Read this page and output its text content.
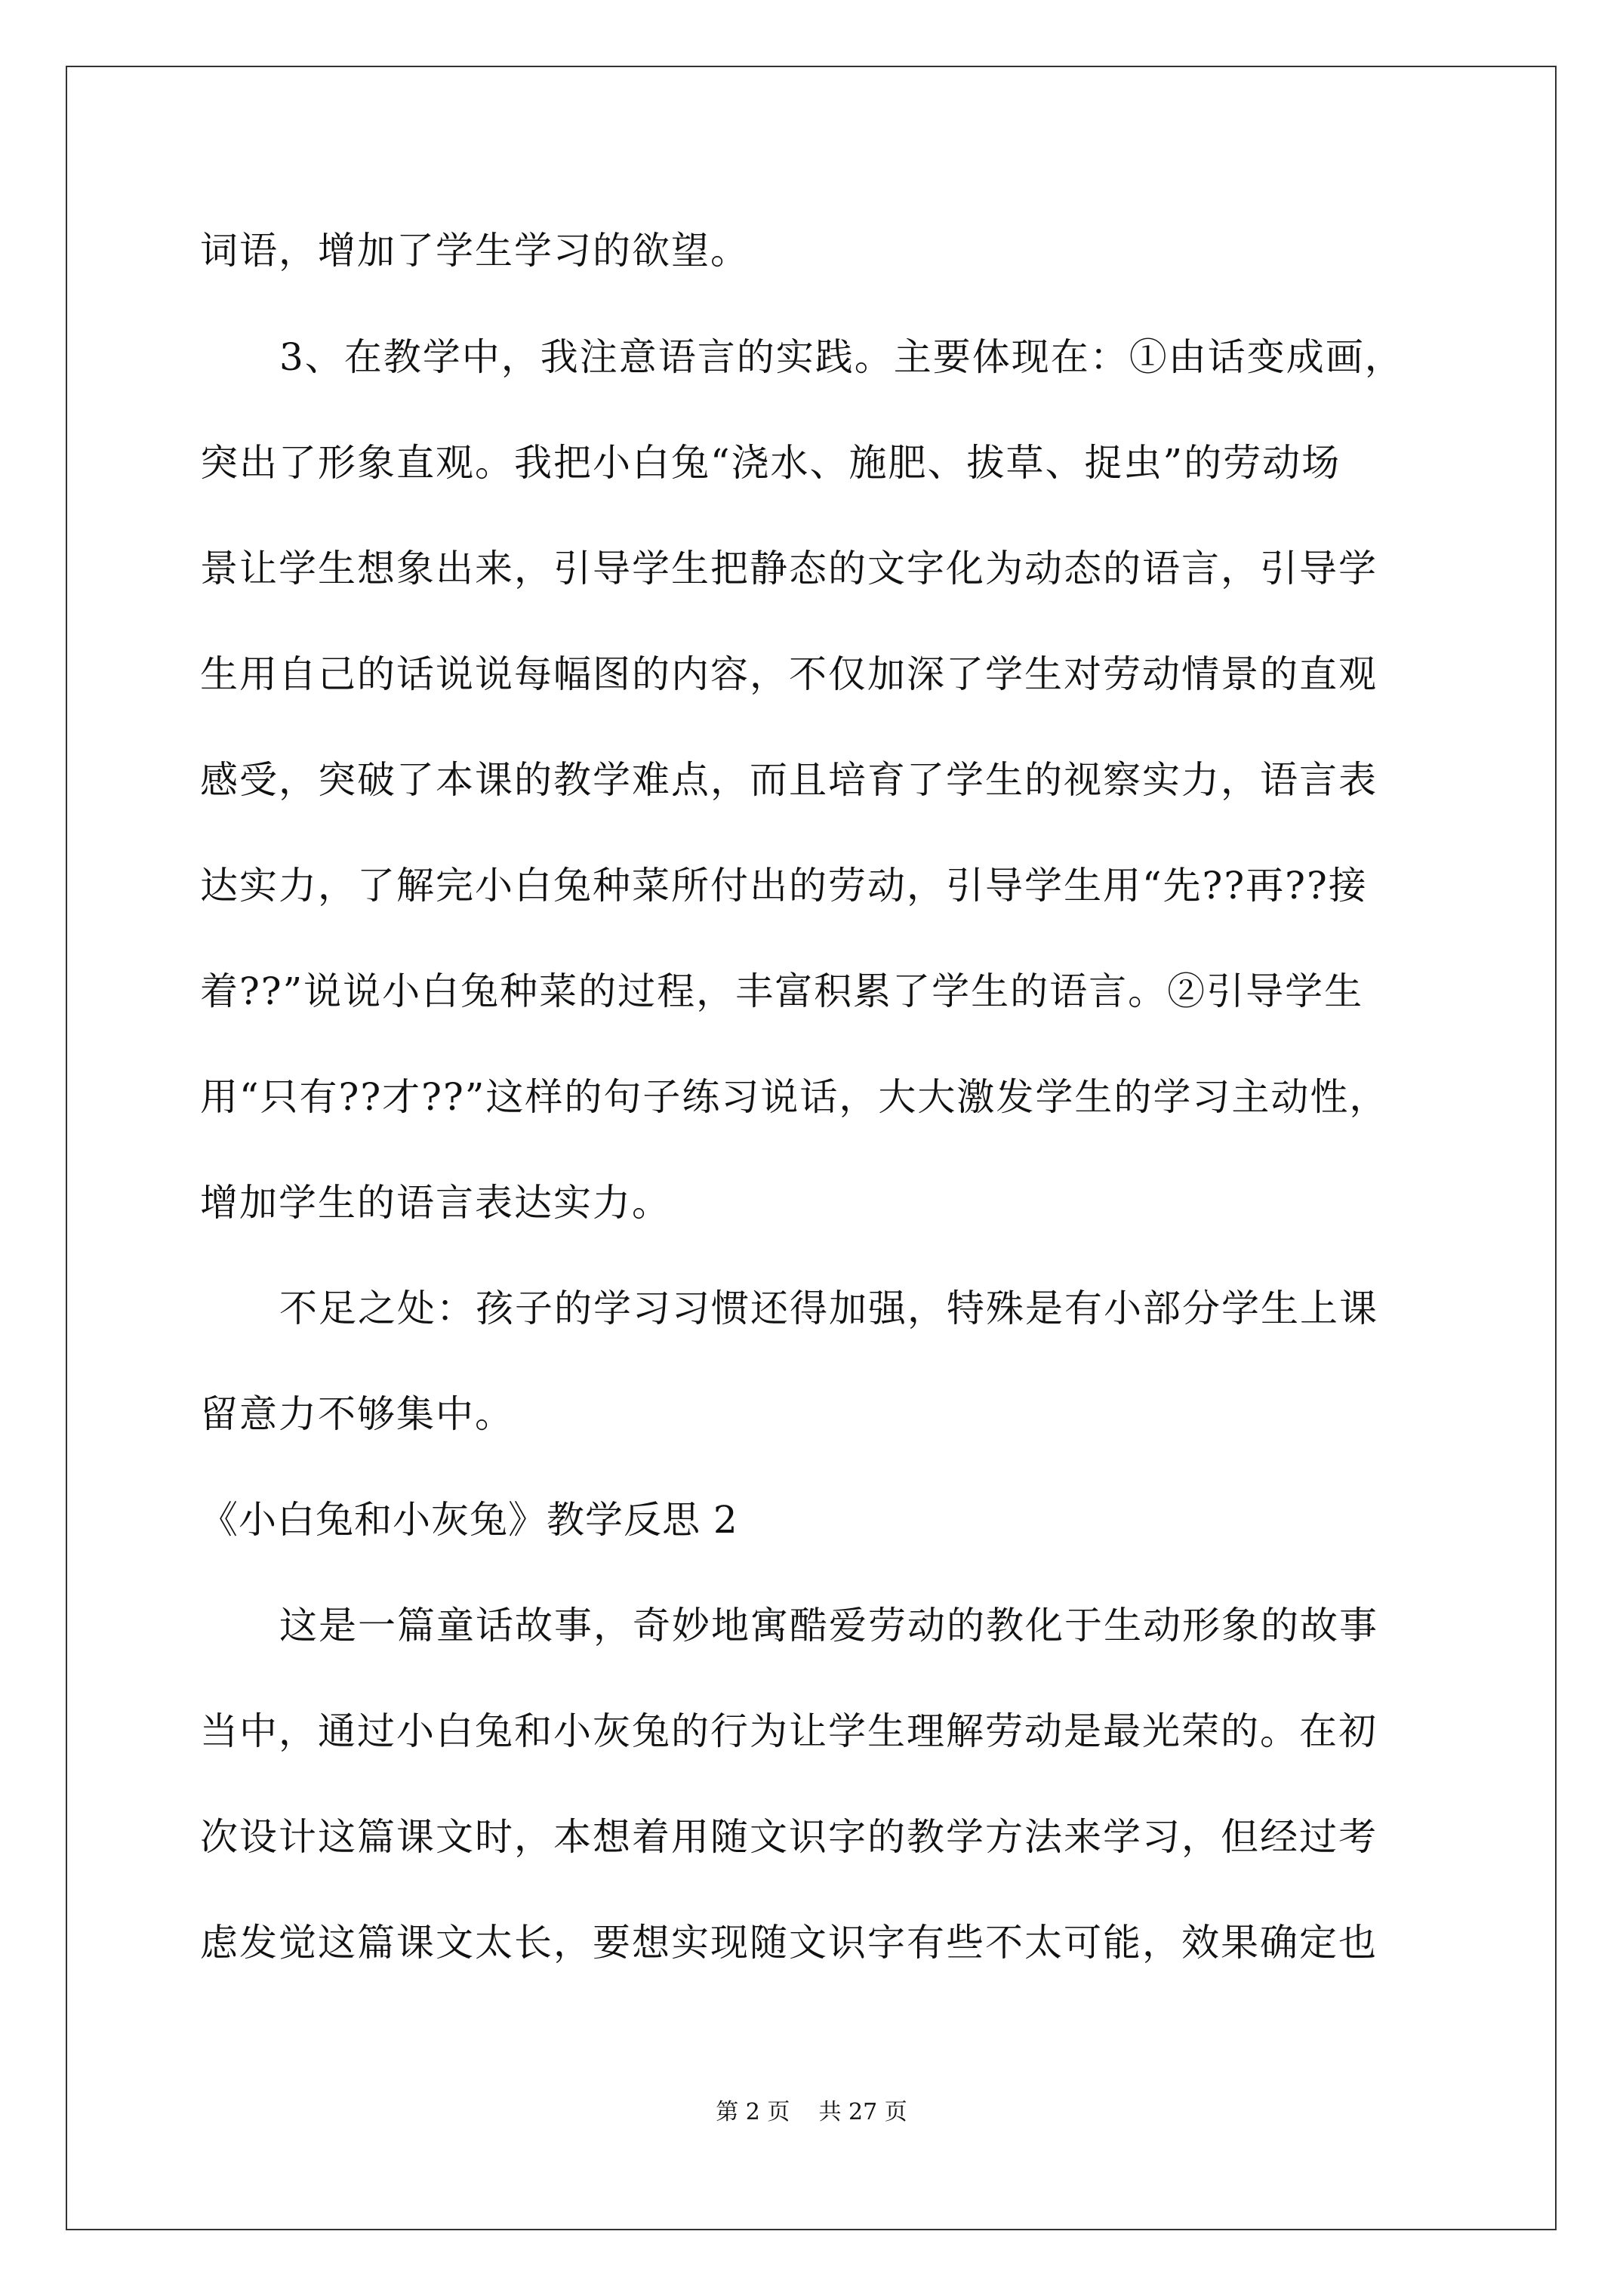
词语，增加了学生学习的欲望。
3、在教学中，我注意语言的实践。主要体现在：①由话变成画，
突出了形象直观。我把小白兔“浇水、施肥、拔草、捉虫”的劳动场
景让学生想象出来，引导学生把静态的文字化为动态的语言，引导学
生用自己的话说说每幅图的内容，不仅加深了学生对劳动情景的直观
感受，突破了本课的教学难点，而且培育了学生的视察实力，语言表
达实力，了解完小白兔种菜所付出的劳动，引导学生用“先??再??接
着??”说说小白兔种菜的过程，丰富积累了学生的语言。②引导学生
用“只有??才??”这样的句子练习说话，大大激发学生的学习主动性，
增加学生的语言表达实力。
不足之处：孩子的学习习惯还得加强，特殊是有小部分学生上课
留意力不够集中。
《小白兔和小灰兔》教学反思 2
这是一篇童话故事，奇妙地寓酷爱劳动的教化于生动形象的故事
当中，通过小白兔和小灰兔的行为让学生理解劳动是最光荣的。在初
次设计这篇课文时，本想着用随文识字的教学方法来学习，但经过考
虑发觉这篇课文太长，要想实现随文识字有些不太可能，效果确定也
第 2 页    共 27 页
